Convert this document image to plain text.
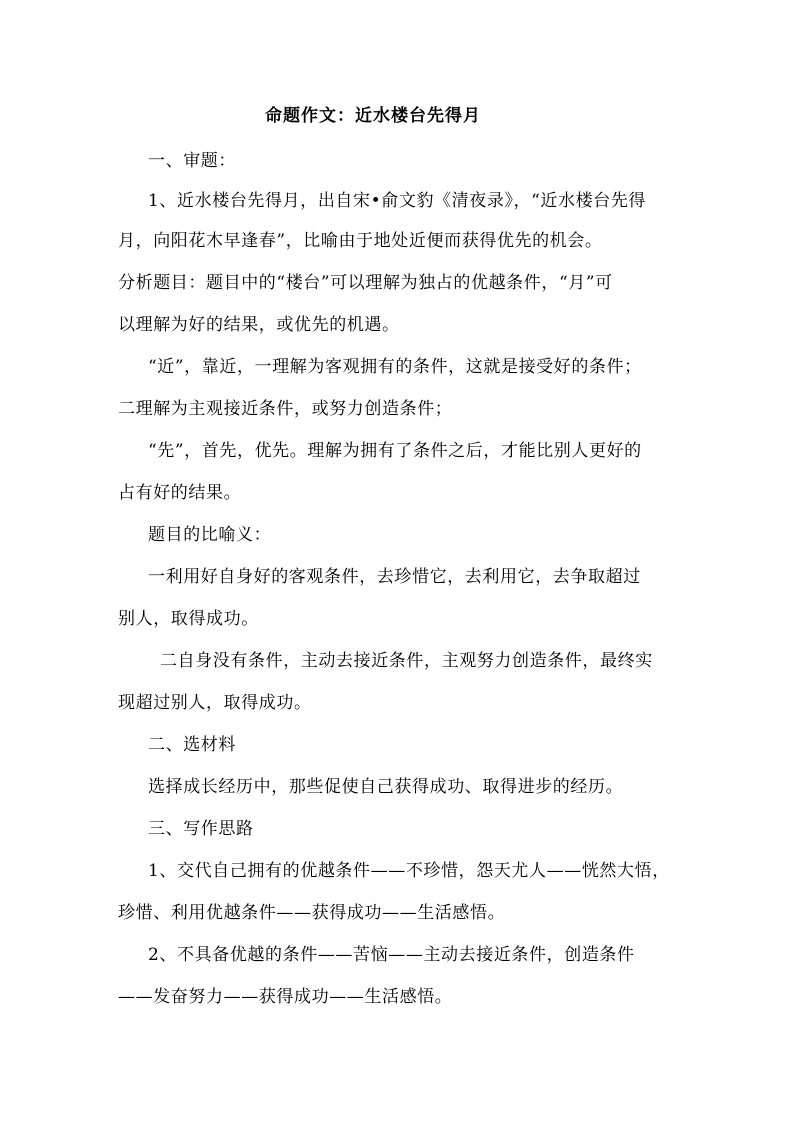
命题作文：近水楼台先得月
一、审题：
1、近水楼台先得月，出自宋•俞文豹《清夜录》，“近水楼台先得
月，向阳花木早逢春”，比喻由于地处近便而获得优先的机会。
分析题目：题目中的“楼台”可以理解为独占的优越条件，“月”可
以理解为好的结果，或优先的机遇。
“近”，靠近，一理解为客观拥有的条件，这就是接受好的条件；
二理解为主观接近条件，或努力创造条件；
“先”，首先，优先。理解为拥有了条件之后，才能比别人更好的
占有好的结果。
题目的比喻义：
一利用好自身好的客观条件，去珍惜它，去利用它，去争取超过
别人，取得成功。
二自身没有条件，主动去接近条件，主观努力创造条件，最终实
现超过别人，取得成功。
二、选材料
选择成长经历中，那些促使自己获得成功、取得进步的经历。
三、写作思路
1、交代自己拥有的优越条件——不珍惜，怨天尤人——恍然大悟，
珍惜、利用优越条件——获得成功——生活感悟。
2、不具备优越的条件——苦恼——主动去接近条件，创造条件
——发奋努力——获得成功——生活感悟。
